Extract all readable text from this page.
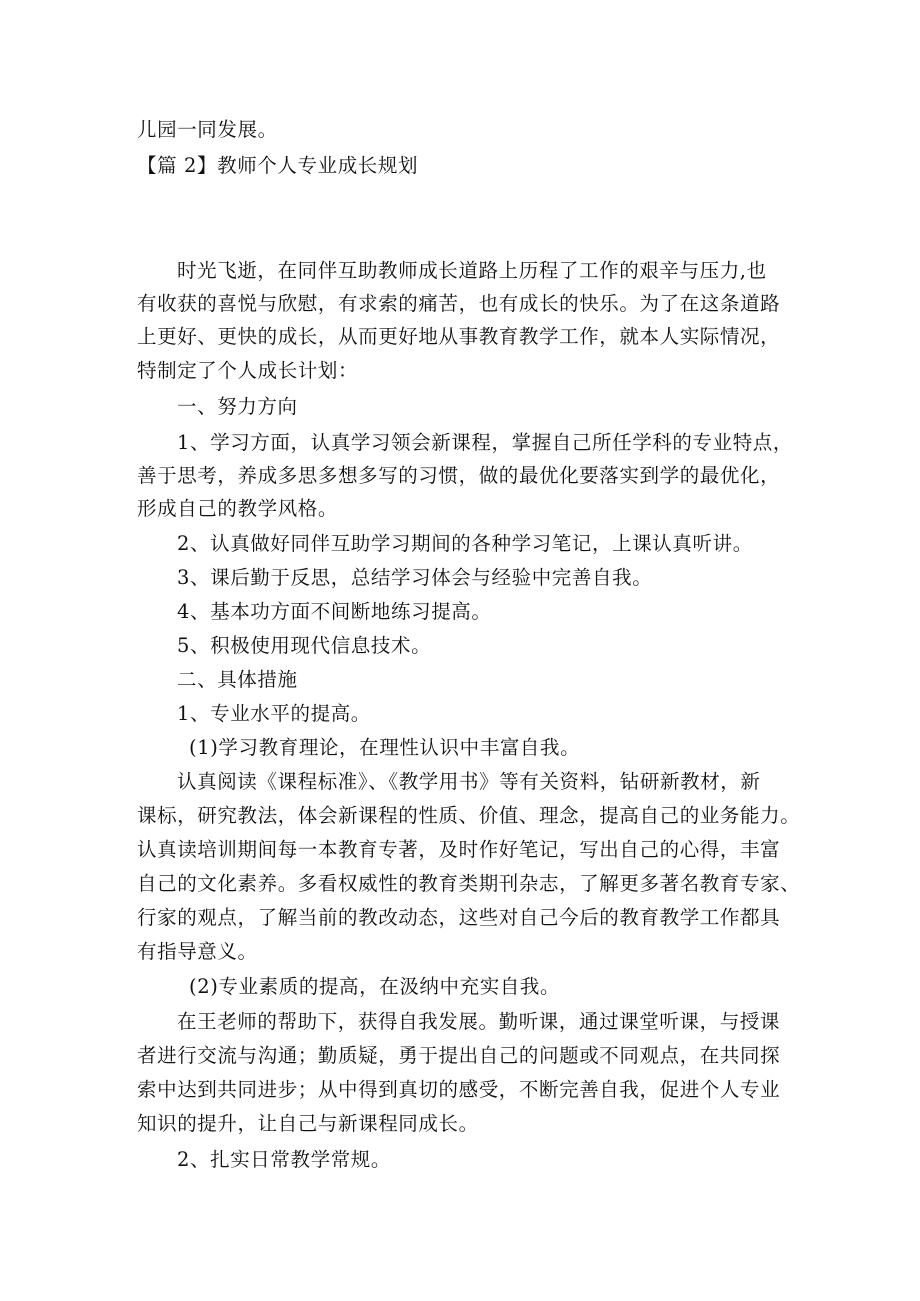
儿园一同发展。
【篇 2】教师个人专业成长规划
时光飞逝，在同伴互助教师成长道路上历程了工作的艰辛与压力,也
有收获的喜悦与欣慰，有求索的痛苦，也有成长的快乐。为了在这条道路
上更好、更快的成长，从而更好地从事教育教学工作，就本人实际情况，
特制定了个人成长计划：
一、努力方向
1、学习方面，认真学习领会新课程，掌握自己所任学科的专业特点，
善于思考，养成多思多想多写的习惯，做的最优化要落实到学的最优化，
形成自己的教学风格。
2、认真做好同伴互助学习期间的各种学习笔记，上课认真听讲。
3、课后勤于反思，总结学习体会与经验中完善自我。
4、基本功方面不间断地练习提高。
5、积极使用现代信息技术。
二、具体措施
1、专业水平的提高。
(1)学习教育理论，在理性认识中丰富自我。
认真阅读《课程标准》、《教学用书》等有关资料，钻研新教材，新
课标，研究教法，体会新课程的性质、价值、理念，提高自己的业务能力。
认真读培训期间每一本教育专著，及时作好笔记，写出自己的心得，丰富
自己的文化素养。多看权威性的教育类期刊杂志，了解更多著名教育专家、
行家的观点，了解当前的教改动态，这些对自己今后的教育教学工作都具
有指导意义。
(2)专业素质的提高，在汲纳中充实自我。
在王老师的帮助下，获得自我发展。勤听课，通过课堂听课，与授课
者进行交流与沟通；勤质疑，勇于提出自己的问题或不同观点，在共同探
索中达到共同进步；从中得到真切的感受，不断完善自我，促进个人专业
知识的提升，让自己与新课程同成长。
2、扎实日常教学常规。
